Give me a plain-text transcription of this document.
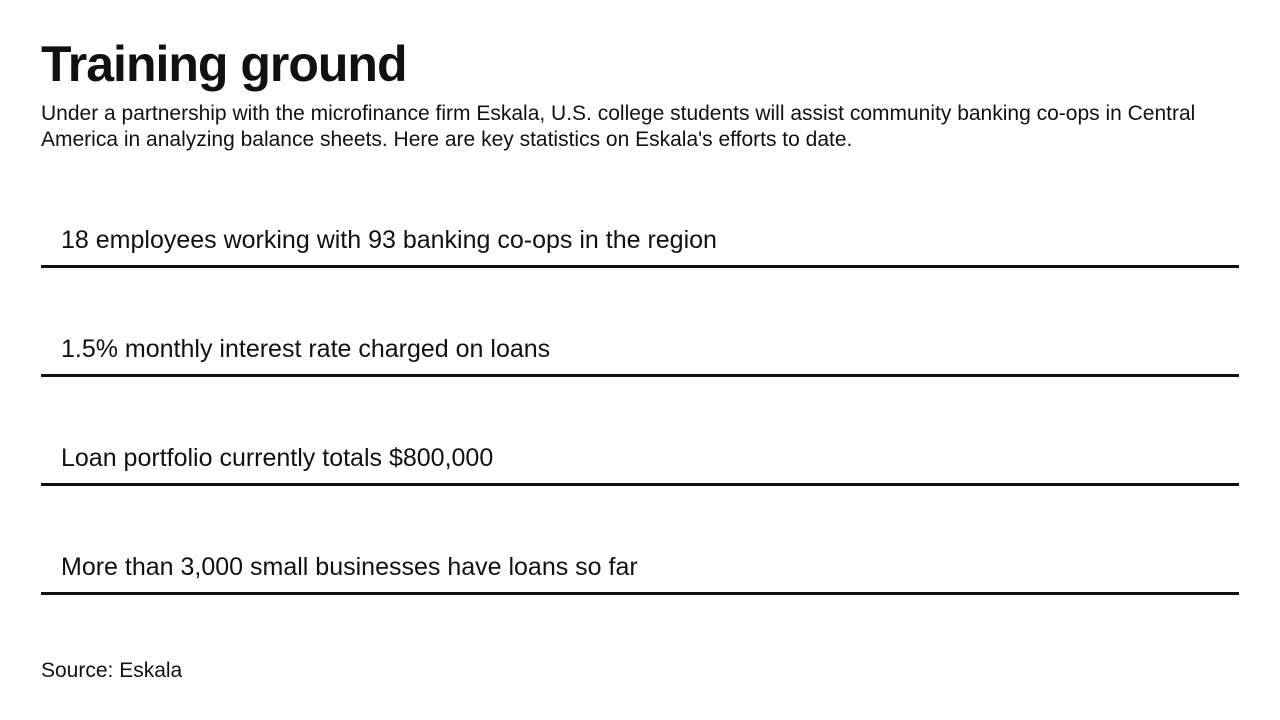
Training ground

Under a partnership with the microfinance firm Eskala, U.S. college students will assist community banking co-ops in Central America in analyzing balance sheets. Here are key statistics on Eskala's efforts to date.

18 employees working with 93 banking co-ops in the region
1.5% monthly interest rate charged on loans
Loan portfolio currently totals $800,000
More than 3,000 small businesses have loans so far
Source: Eskala
